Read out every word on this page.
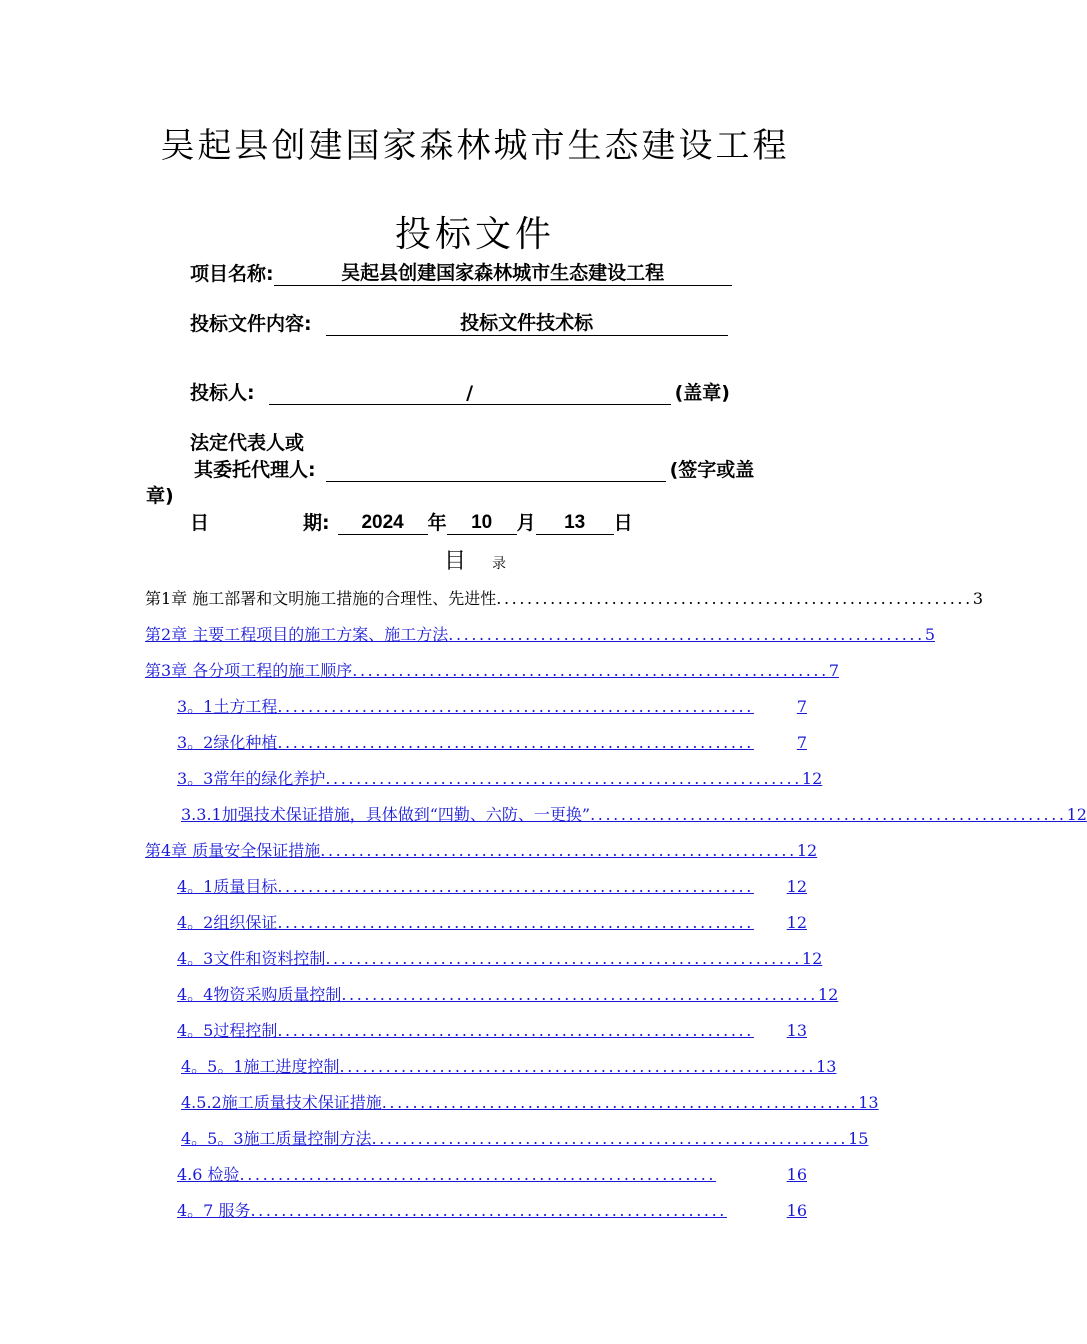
吴起县创建国家森林城市生态建设工程
投标文件
项目名称:	吴起县创建国家森林城市生态建设工程
投标文件内容:	投标文件技术标
投标人:	/	(盖章)
法定代表人或
其委托代理人:	(签字或盖
章)
日	期: 2024 年 10 月 13 日
目 录
第1章 施工部署和文明施工措施的合理性、先进性 .............................................................. 3
第2章 主要工程项目的施工方案、施工方法 .............................................................. 5
第3章 各分项工程的施工顺序 .............................................................. 7
3。1土方工程 ..............................................................	7
3。2绿化种植 ..............................................................	7
3。3常年的绿化养护 .............................................................. 12
3.3.1加强技术保证措施，具体做到“四勤、六防、一更换” .............................................................. 12
第4章 质量安全保证措施 .............................................................. 12
4。1质量目标 ..............................................................	12
4。2组织保证 ..............................................................	12
4。3文件和资料控制 .............................................................. 12
4。4物资采购质量控制 .............................................................. 12
4。5过程控制 ..............................................................	13
4。5。1施工进度控制 .............................................................. 13
4.5.2施工质量技术保证措施 .............................................................. 13
4。5。3施工质量控制方法 .............................................................. 15
4.6 检验 ..............................................................	16
4。7 服务 ..............................................................	16
